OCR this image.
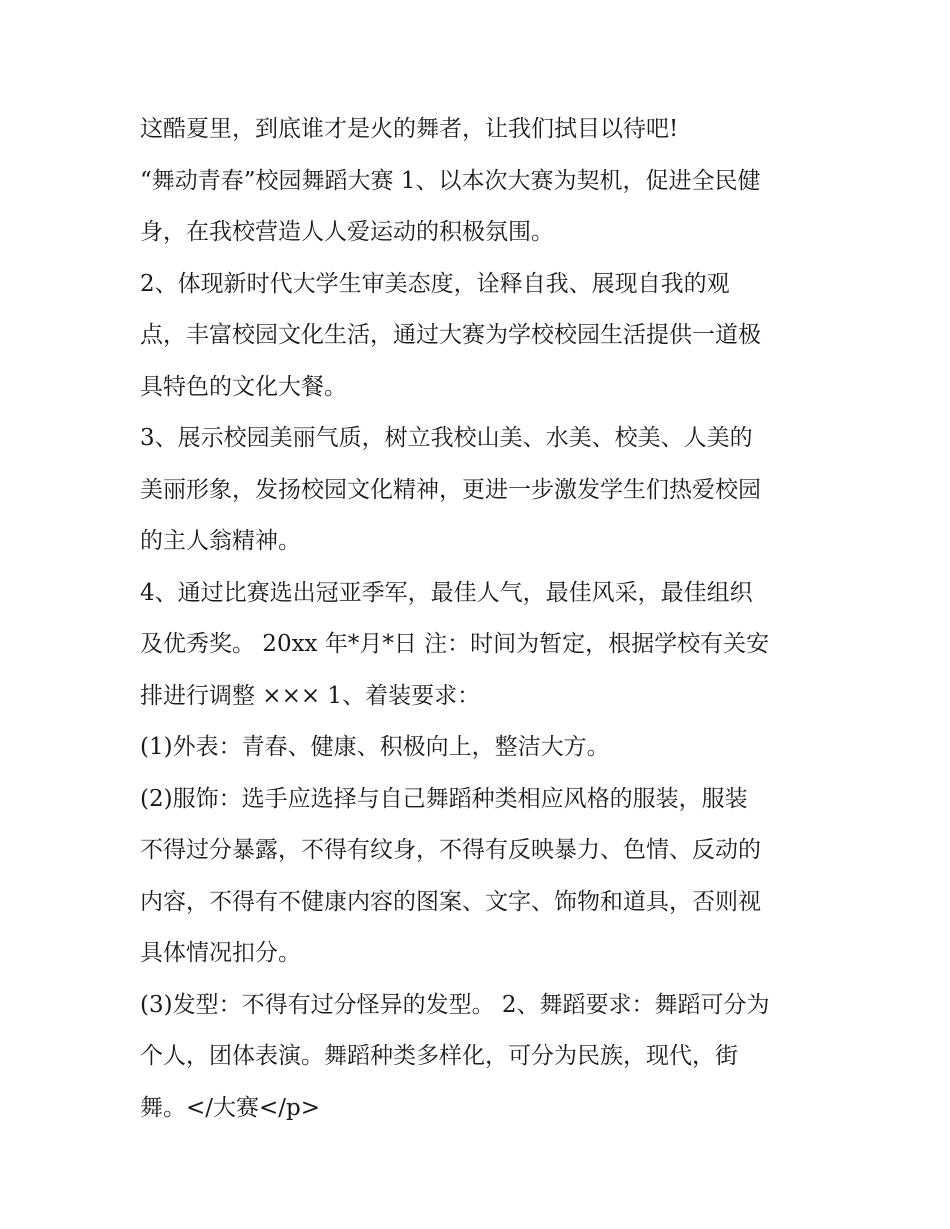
这酷夏里，到底谁才是火的舞者，让我们拭目以待吧!
“舞动青春”校园舞蹈大赛 1、以本次大赛为契机，促进全民健
身，在我校营造人人爱运动的积极氛围。
2、体现新时代大学生审美态度，诠释自我、展现自我的观
点，丰富校园文化生活，通过大赛为学校校园生活提供一道极
具特色的文化大餐。
3、展示校园美丽气质，树立我校山美、水美、校美、人美的
美丽形象，发扬校园文化精神，更进一步激发学生们热爱校园
的主人翁精神。
4、通过比赛选出冠亚季军，最佳人气，最佳风采，最佳组织
及优秀奖。 20xx 年*月*日 注：时间为暂定，根据学校有关安
排进行调整 ××× 1、着装要求：
(1)外表：青春、健康、积极向上，整洁大方。
(2)服饰：选手应选择与自己舞蹈种类相应风格的服装，服装
不得过分暴露，不得有纹身，不得有反映暴力、色情、反动的
内容，不得有不健康内容的图案、文字、饰物和道具，否则视
具体情况扣分。
(3)发型：不得有过分怪异的发型。 2、舞蹈要求：舞蹈可分为
个人，团体表演。舞蹈种类多样化，可分为民族，现代，街
舞。</大赛</p>
